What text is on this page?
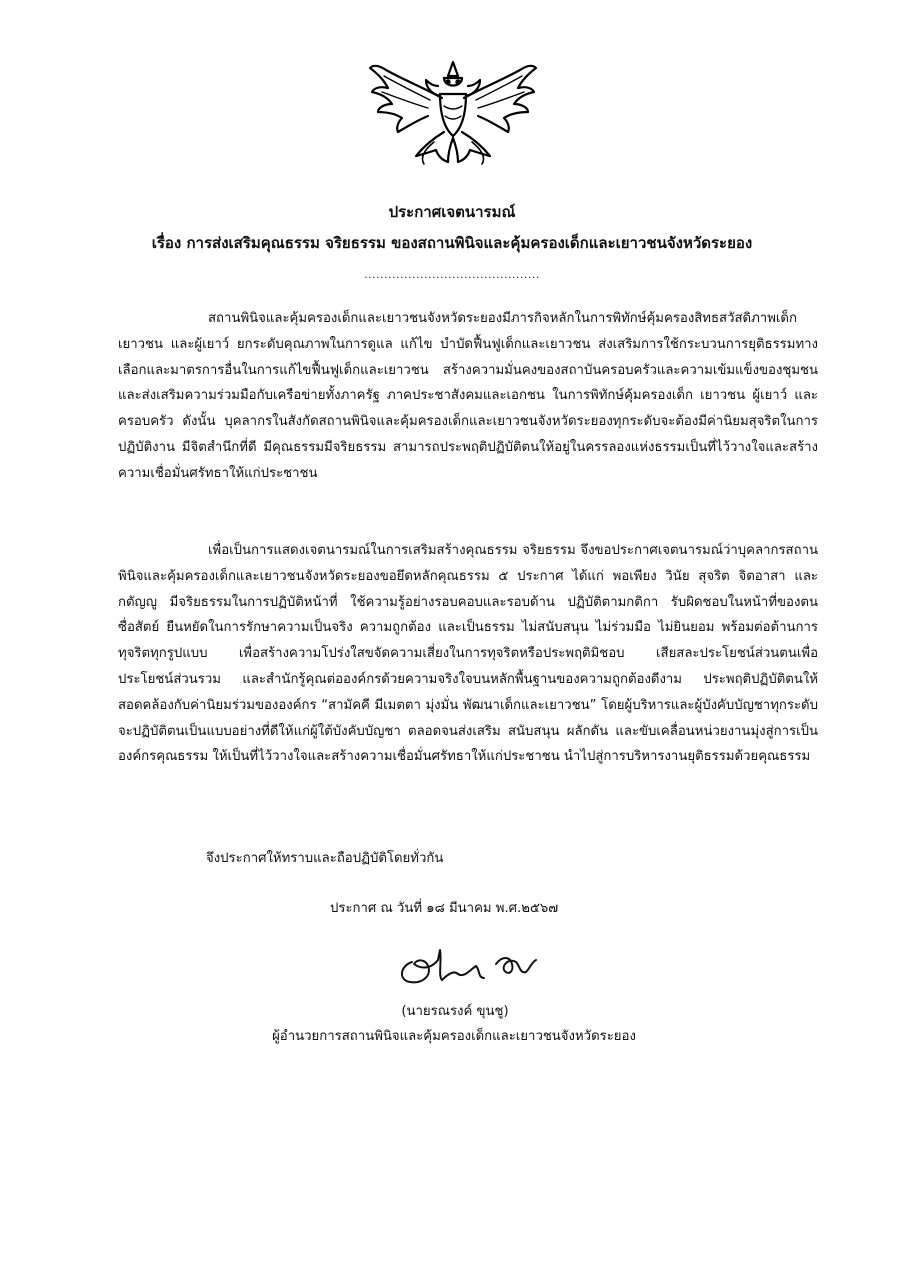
ประกาศเจตนารมณ์
เรื่อง การส่งเสริมคุณธรรม จริยธรรม ของสถานพินิจและคุ้มครองเด็กและเยาวชนจังหวัดระยอง
............................................

สถานพินิจและคุ้มครองเด็กและเยาวชนจังหวัดระยองมีภารกิจหลักในการพิทักษ์คุ้มครองสิทธสวัสดิภาพเด็ก เยาวชน และผู้เยาว์ ยกระดับคุณภาพในการดูแล แก้ไข บำบัดฟื้นฟูเด็กและเยาวชน ส่งเสริมการใช้กระบวนการยุติธรรมทางเลือกและมาตรการอื่นในการแก้ไขฟื้นฟูเด็กและเยาวชน สร้างความมั่นคงของสถาบันครอบครัวและความเข้มแข็งของชุมชน และส่งเสริมความร่วมมือกับเครือข่ายทั้งภาครัฐ ภาคประชาสังคมและเอกชน ในการพิทักษ์คุ้มครองเด็ก เยาวชน ผู้เยาว์ และครอบครัว ดังนั้น บุคลากรในสังกัดสถานพินิจและคุ้มครองเด็กและเยาวชนจังหวัดระยองทุกระดับจะต้องมีค่านิยมสุจริตในการปฏิบัติงาน มีจิตสำนึกที่ดี มีคุณธรรมมีจริยธรรม สามารถประพฤติปฏิบัติตนให้อยู่ในครรลองแห่งธรรมเป็นที่ไว้วางใจและสร้างความเชื่อมั่นศรัทธาให้แก่ประชาชน

เพื่อเป็นการแสดงเจตนารมณ์ในการเสริมสร้างคุณธรรม จริยธรรม จึงขอประกาศเจตนารมณ์ว่าบุคลากรสถานพินิจและคุ้มครองเด็กและเยาวชนจังหวัดระยองขอยึดหลักคุณธรรม ๕ ประกาศ ได้แก่ พอเพียง วินัย สุจริต จิตอาสา และกตัญญู มีจริยธรรมในการปฏิบัติหน้าที่ ใช้ความรู้อย่างรอบคอบและรอบด้าน ปฏิบัติตามกติกา รับผิดชอบในหน้าที่ของตน ซื่อสัตย์ ยืนหยัดในการรักษาความเป็นจริง ความถูกต้อง และเป็นธรรม ไม่สนับสนุน ไม่ร่วมมือ ไม่ยินยอม พร้อมต่อต้านการทุจริตทุกรูปแบบ เพื่อสร้างความโปร่งใสขจัดความเสี่ยงในการทุจริตหรือประพฤติมิชอบ เสียสละประโยชน์ส่วนตนเพื่อประโยชน์ส่วนรวม และสำนักรู้คุณต่อองค์กรด้วยความจริงใจบนหลักพื้นฐานของความถูกต้องดีงาม ประพฤติปฏิบัติตนให้สอดคล้องกับค่านิยมร่วมขององค์กร “สามัคคี มีเมตตา มุ่งมั่น พัฒนาเด็กและเยาวชน” โดยผู้บริหารและผู้บังคับบัญชาทุกระดับจะปฏิบัติตนเป็นแบบอย่างที่ดีให้แก่ผู้ใต้บังคับบัญชา ตลอดจนส่งเสริม สนับสนุน ผลักดัน และขับเคลื่อนหน่วยงานมุ่งสู่การเป็นองค์กรคุณธรรม ให้เป็นที่ไว้วางใจและสร้างความเชื่อมั่นศรัทธาให้แก่ประชาชน นำไปสู่การบริหารงานยุติธรรมด้วยคุณธรรม

จึงประกาศให้ทราบและถือปฏิบัติโดยทั่วกัน

ประกาศ ณ วันที่ ๑๘ มีนาคม พ.ศ.๒๕๖๗
(นายรณรงค์ ขุนชู)
ผู้อำนวยการสถานพินิจและคุ้มครองเด็กและเยาวชนจังหวัดระยอง
